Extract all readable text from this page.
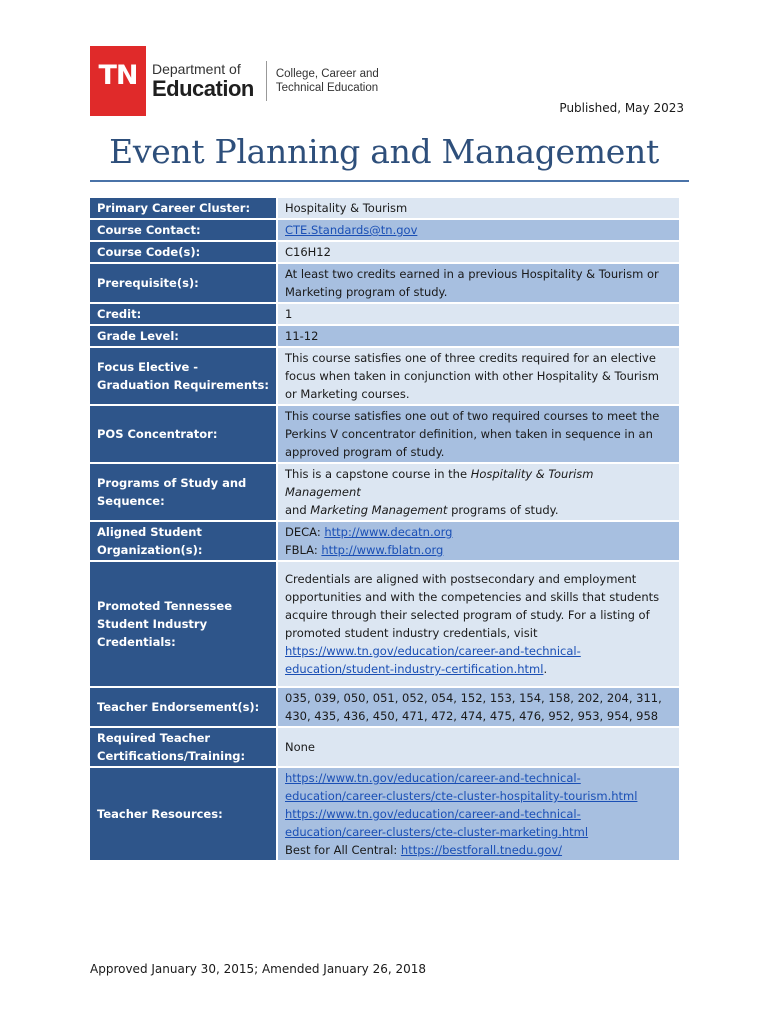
TN	Department of
Education
College, Career and
Technical Education
Published, May 2023
Event Planning and Management
Primary Career Cluster:	Hospitality & Tourism
Course Contact:	CTE.Standards@tn.gov
Course Code(s):	C16H12
Prerequisite(s):	At least two credits earned in a previous Hospitality & Tourism or Marketing program of study.
Credit:	1
Grade Level:	11-12
Focus Elective - Graduation Requirements:	This course satisfies one of three credits required for an elective focus when taken in conjunction with other Hospitality & Tourism or Marketing courses.
POS Concentrator:	This course satisfies one out of two required courses to meet the Perkins V concentrator definition, when taken in sequence in an approved program of study.
Programs of Study and Sequence:	This is a capstone course in the Hospitality & Tourism Management
and Marketing Management programs of study.
Aligned Student Organization(s):	DECA: http://www.decatn.org
FBLA: http://www.fblatn.org
Promoted Tennessee Student Industry Credentials:	Credentials are aligned with postsecondary and employment opportunities and with the competencies and skills that students acquire through their selected program of study. For a listing of promoted student industry credentials, visit https://www.tn.gov/education/career-and-technical-education/student-industry-certification.html.
Teacher Endorsement(s):	035, 039, 050, 051, 052, 054, 152, 153, 154, 158, 202, 204, 311, 430, 435, 436, 450, 471, 472, 474, 475, 476, 952, 953, 954, 958
Required Teacher Certifications/Training:	None
Teacher Resources:	https://www.tn.gov/education/career-and-technical-education/career-clusters/cte-cluster-hospitality-tourism.html
https://www.tn.gov/education/career-and-technical-education/career-clusters/cte-cluster-marketing.html
Best for All Central: https://bestforall.tnedu.gov/
Approved January 30, 2015; Amended January 26, 2018
